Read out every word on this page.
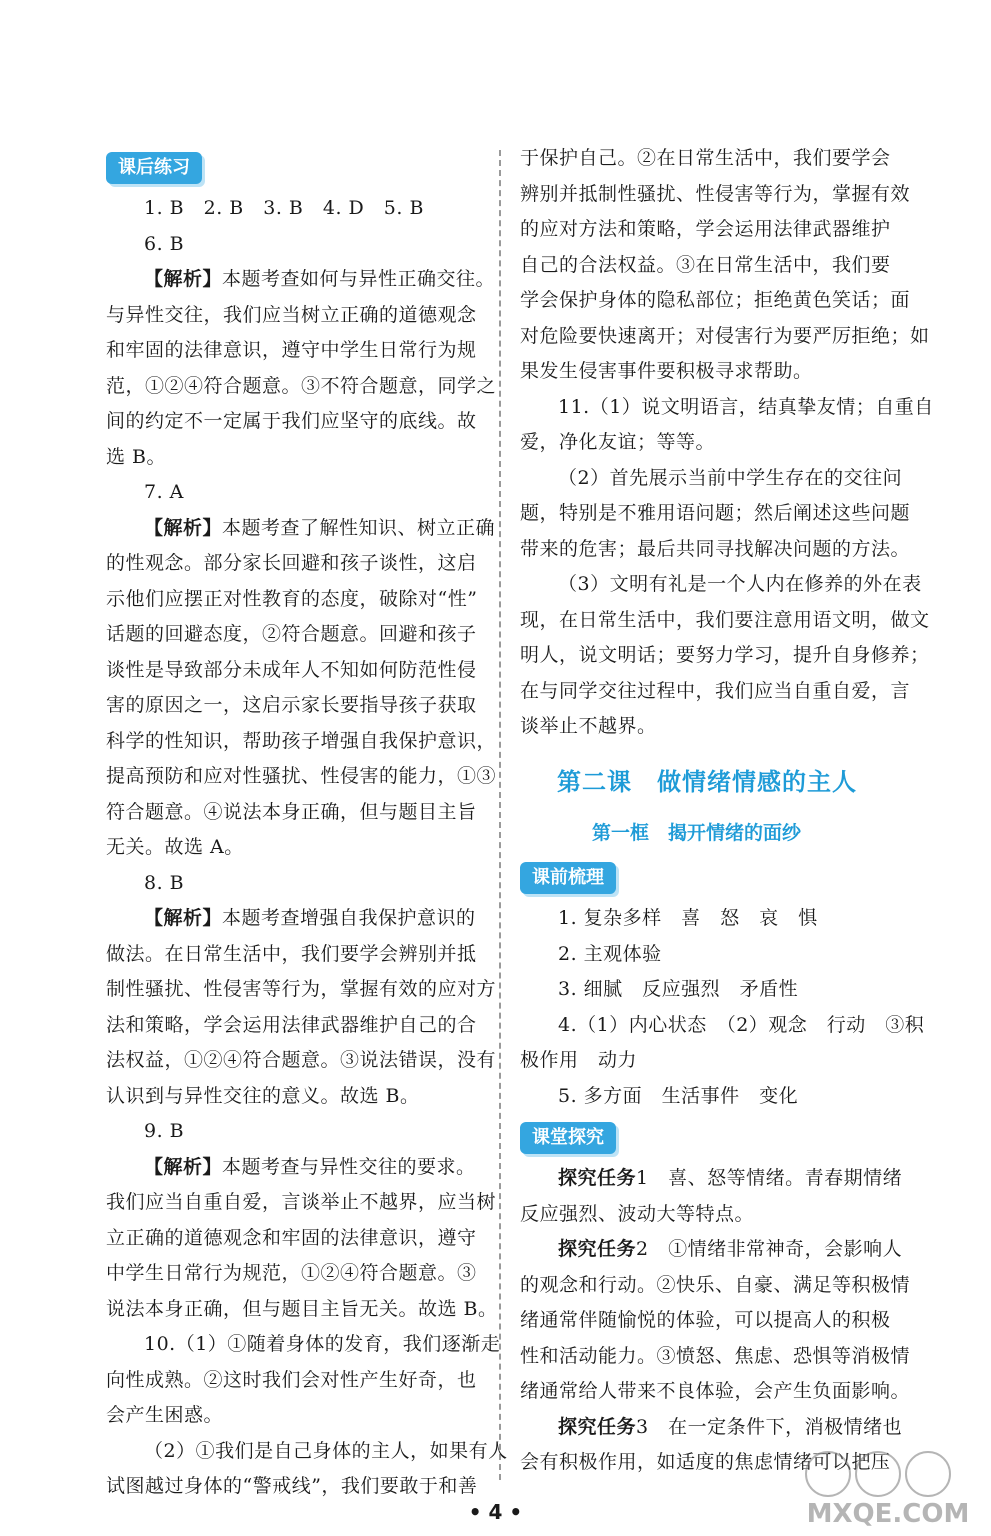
课后练习
1. B　2. B　3. B　4. D　5. B
6. B
【解析】本题考查如何与异性正确交往。
与异性交往，我们应当树立正确的道德观念
和牢固的法律意识，遵守中学生日常行为规
范，①②④符合题意。③不符合题意，同学之
间的约定不一定属于我们应坚守的底线。故
选 B。
7. A
【解析】本题考查了解性知识、树立正确
的性观念。部分家长回避和孩子谈性，这启
示他们应摆正对性教育的态度，破除对“性”
话题的回避态度，②符合题意。回避和孩子
谈性是导致部分未成年人不知如何防范性侵
害的原因之一，这启示家长要指导孩子获取
科学的性知识，帮助孩子增强自我保护意识，
提高预防和应对性骚扰、性侵害的能力，①③
符合题意。④说法本身正确，但与题目主旨
无关。故选 A。
8. B
【解析】本题考查增强自我保护意识的
做法。在日常生活中，我们要学会辨别并抵
制性骚扰、性侵害等行为，掌握有效的应对方
法和策略，学会运用法律武器维护自己的合
法权益，①②④符合题意。③说法错误，没有
认识到与异性交往的意义。故选 B。
9. B
【解析】本题考查与异性交往的要求。
我们应当自重自爱，言谈举止不越界，应当树
立正确的道德观念和牢固的法律意识，遵守
中学生日常行为规范，①②④符合题意。③
说法本身正确，但与题目主旨无关。故选 B。
10.（1）①随着身体的发育，我们逐渐走
向性成熟。②这时我们会对性产生好奇，也
会产生困惑。
（2）①我们是自己身体的主人，如果有人
试图越过身体的“警戒线”，我们要敢于和善
于保护自己。②在日常生活中，我们要学会
辨别并抵制性骚扰、性侵害等行为，掌握有效
的应对方法和策略，学会运用法律武器维护
自己的合法权益。③在日常生活中，我们要
学会保护身体的隐私部位；拒绝黄色笑话；面
对危险要快速离开；对侵害行为要严厉拒绝；如
果发生侵害事件要积极寻求帮助。
11.（1）说文明语言，结真挚友情；自重自
爱，净化友谊；等等。
（2）首先展示当前中学生存在的交往问
题，特别是不雅用语问题；然后阐述这些问题
带来的危害；最后共同寻找解决问题的方法。
（3）文明有礼是一个人内在修养的外在表
现，在日常生活中，我们要注意用语文明，做文
明人，说文明话；要努力学习，提升自身修养；
在与同学交往过程中，我们应当自重自爱，言
谈举止不越界。
课前梳理
1. 复杂多样　喜　怒　哀　惧
2. 主观体验
3. 细腻　反应强烈　矛盾性
4.（1）内心状态　（2）观念　行动　③积
极作用　动力
5. 多方面　生活事件　变化
课堂探究
探究任务1　喜、怒等情绪。青春期情绪
反应强烈、波动大等特点。
探究任务2　①情绪非常神奇，会影响人
的观念和行动。②快乐、自豪、满足等积极情
绪通常伴随愉悦的体验，可以提高人的积极
性和活动能力。③愤怒、焦虑、恐惧等消极情
绪通常给人带来不良体验，会产生负面影响。
探究任务3　在一定条件下，消极情绪也
会有积极作用，如适度的焦虑情绪可以把压
第二课　做情绪情感的主人
第一框　揭开情绪的面纱
• 4 •	MXQE.COM
